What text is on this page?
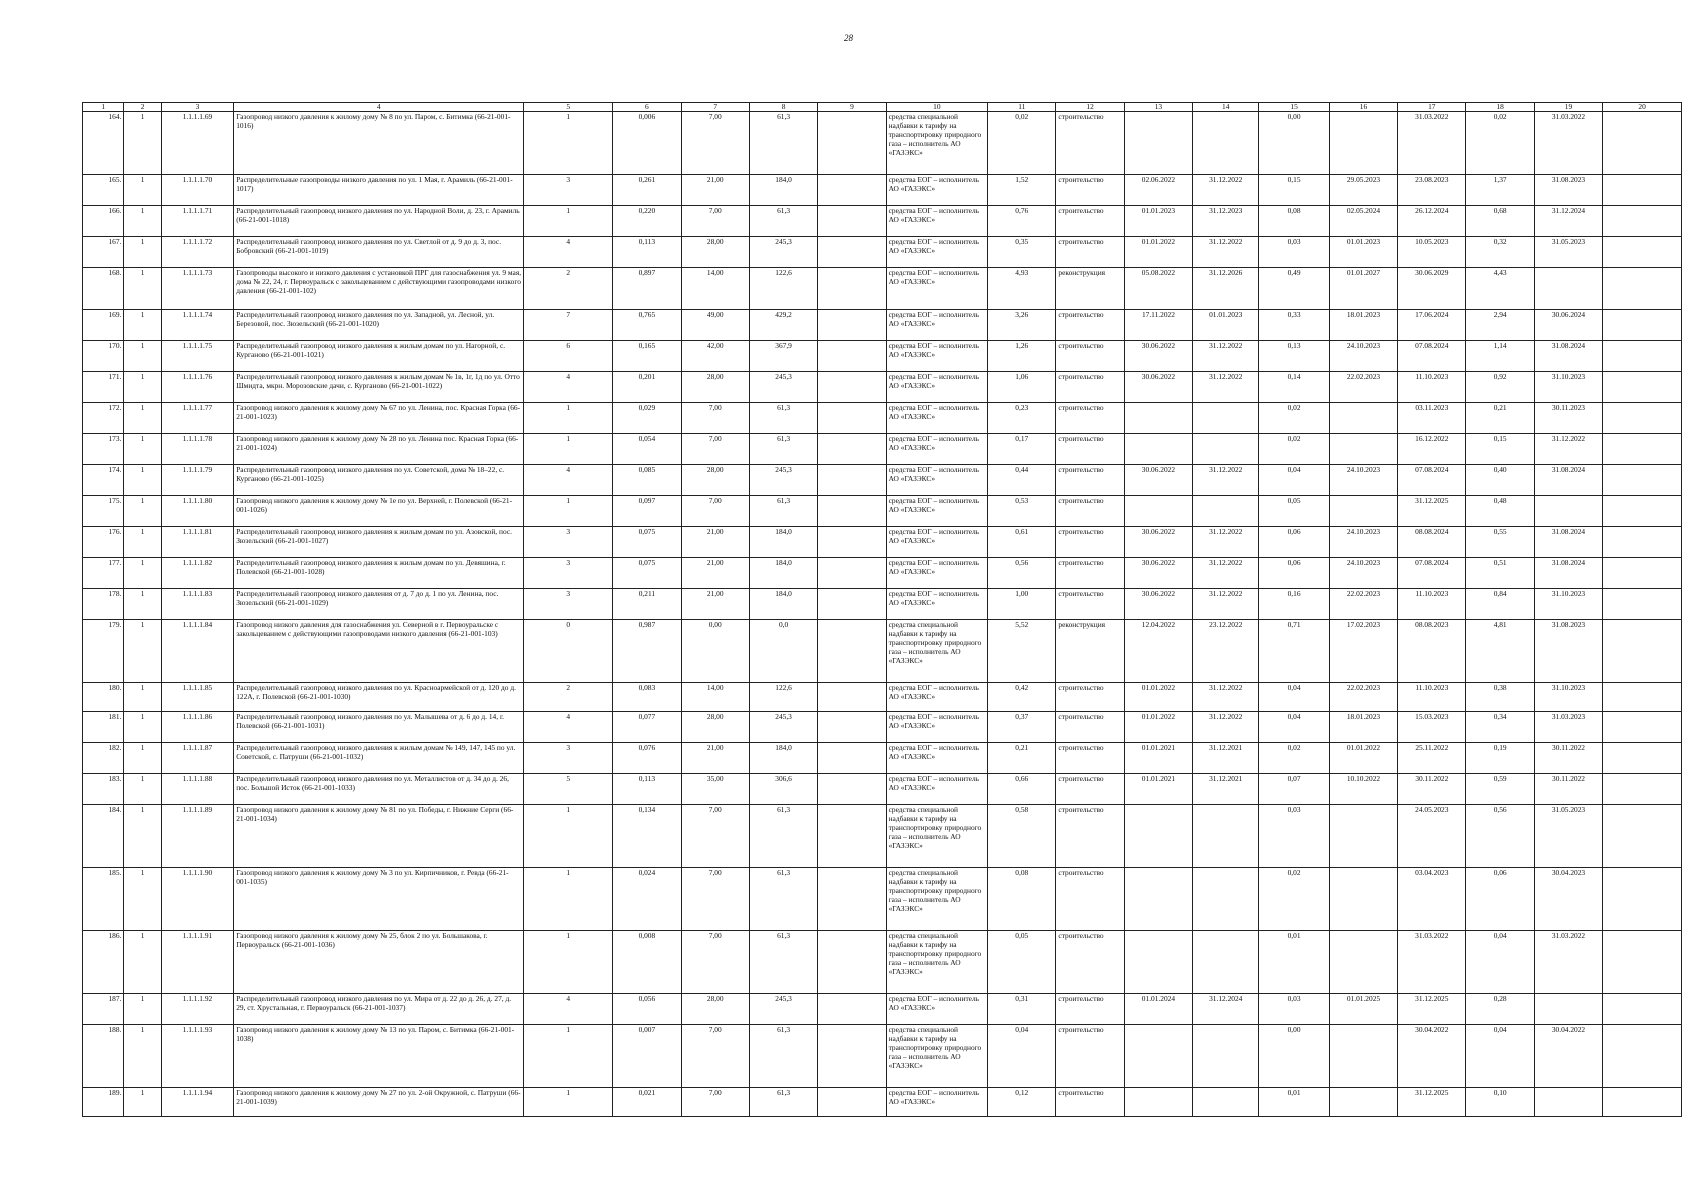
28
1	2	3	4	5	6	7	8	9	10	11	12	13	14	15	16	17	18	19	20
164.	1	1.1.1.1.69	Газопровод низкого давления к жилому дому № 8 по ул. Паром, с. Битимка (66-21-001-1016)	1	0,006	7,00	61,3		средства специальной надбавки к тарифу на транспортировку природного газа – исполнитель АО «ГАЗЭКС»	0,02	строительство			0,00		31.03.2022	0,02	31.03.2022	
165.	1	1.1.1.1.70	Распределительные газопроводы низкого давления по ул. 1 Мая, г. Арамиль (66-21-001-1017)	3	0,261	21,00	184,0		средства ЕОГ – исполнитель АО «ГАЗЭКС»	1,52	строительство	02.06.2022	31.12.2022	0,15	29.05.2023	23.08.2023	1,37	31.08.2023	
166.	1	1.1.1.1.71	Распределительный газопровод низкого давления по ул. Народной Воли, д. 23, г. Арамиль (66-21-001-1018)	1	0,220	7,00	61,3		средства ЕОГ – исполнитель АО «ГАЗЭКС»	0,76	строительство	01.01.2023	31.12.2023	0,08	02.05.2024	26.12.2024	0,68	31.12.2024	
167.	1	1.1.1.1.72	Распределительный газопровод низкого давления по ул. Светлой от д. 9 до д. 3, пос. Бобровский (66-21-001-1019)	4	0,113	28,00	245,3		средства ЕОГ – исполнитель АО «ГАЗЭКС»	0,35	строительство	01.01.2022	31.12.2022	0,03	01.01.2023	10.05.2023	0,32	31.05.2023	
168.	1	1.1.1.1.73	Газопроводы высокого и низкого давления с установкой ПРГ для газоснабжения ул. 9 мая, дома № 22, 24, г. Первоуральск с закольцеванием с действующими газопроводами низкого давления (66-21-001-102)	2	0,897	14,00	122,6		средства ЕОГ – исполнитель АО «ГАЗЭКС»	4,93	реконструкция	05.08.2022	31.12.2026	0,49	01.01.2027	30.06.2029	4,43		
169.	1	1.1.1.1.74	Распределительный газопровод низкого давления по ул. Западной, ул. Лесной, ул. Березовой, пос. Зюзельский (66-21-001-1020)	7	0,765	49,00	429,2		средства ЕОГ – исполнитель АО «ГАЗЭКС»	3,26	строительство	17.11.2022	01.01.2023	0,33	18.01.2023	17.06.2024	2,94	30.06.2024	
170.	1	1.1.1.1.75	Распределительный газопровод низкого давления к жилым домам по ул. Нагорной, с. Курганово (66-21-001-1021)	6	0,165	42,00	367,9		средства ЕОГ – исполнитель АО «ГАЗЭКС»	1,26	строительство	30.06.2022	31.12.2022	0,13	24.10.2023	07.08.2024	1,14	31.08.2024	
171.	1	1.1.1.1.76	Распределительный газопровод низкого давления к жилым домам № 1в, 1г, 1д по ул. Отто Шмидта, мкрн. Морозовские дачи, с. Курганово (66-21-001-1022)	4	0,201	28,00	245,3		средства ЕОГ – исполнитель АО «ГАЗЭКС»	1,06	строительство	30.06.2022	31.12.2022	0,14	22.02.2023	11.10.2023	0,92	31.10.2023	
172.	1	1.1.1.1.77	Газопровод низкого давления к жилому дому № 67 по ул. Ленина, пос. Красная Горка (66-21-001-1023)	1	0,029	7,00	61,3		средства ЕОГ – исполнитель АО «ГАЗЭКС»	0,23	строительство			0,02		03.11.2023	0,21	30.11.2023	
173.	1	1.1.1.1.78	Газопровод низкого давления к жилому дому № 28 по ул. Ленина пос. Красная Горка (66-21-001-1024)	1	0,054	7,00	61,3		средства ЕОГ – исполнитель АО «ГАЗЭКС»	0,17	строительство			0,02		16.12.2022	0,15	31.12.2022	
174.	1	1.1.1.1.79	Распределительный газопровод низкого давления по ул. Советской, дома № 18–22, с. Курганово (66-21-001-1025)	4	0,085	28,00	245,3		средства ЕОГ – исполнитель АО «ГАЗЭКС»	0,44	строительство	30.06.2022	31.12.2022	0,04	24.10.2023	07.08.2024	0,40	31.08.2024	
175.	1	1.1.1.1.80	Газопровод низкого давления к жилому дому № 1е по ул. Верхней, г. Полевской (66-21-001-1026)	1	0,097	7,00	61,3		средства ЕОГ – исполнитель АО «ГАЗЭКС»	0,53	строительство			0,05		31.12.2025	0,48		
176.	1	1.1.1.1.81	Распределительный газопровод низкого давления к жилым домам по ул. Азовской, пос. Зюзельский (66-21-001-1027)	3	0,075	21,00	184,0		средства ЕОГ – исполнитель АО «ГАЗЭКС»	0,61	строительство	30.06.2022	31.12.2022	0,06	24.10.2023	08.08.2024	0,55	31.08.2024	
177.	1	1.1.1.1.82	Распределительный газопровод низкого давления к жилым домам по ул. Девяшина, г. Полевской (66-21-001-1028)	3	0,075	21,00	184,0		средства ЕОГ – исполнитель АО «ГАЗЭКС»	0,56	строительство	30.06.2022	31.12.2022	0,06	24.10.2023	07.08.2024	0,51	31.08.2024	
178.	1	1.1.1.1.83	Распределительный газопровод низкого давления от д. 7 до д. 1 по ул. Ленина, пос. Зюзельский (66-21-001-1029)	3	0,211	21,00	184,0		средства ЕОГ – исполнитель АО «ГАЗЭКС»	1,00	строительство	30.06.2022	31.12.2022	0,16	22.02.2023	11.10.2023	0,84	31.10.2023	
179.	1	1.1.1.1.84	Газопровод низкого давления для газоснабжения ул. Северной в г. Первоуральске с закольцеванием с действующими газопроводами низкого давления (66-21-001-103)	0	0,987	0,00	0,0		средства специальной надбавки к тарифу на транспортировку природного газа – исполнитель АО «ГАЗЭКС»	5,52	реконструкция	12.04.2022	23.12.2022	0,71	17.02.2023	08.08.2023	4,81	31.08.2023	
180.	1	1.1.1.1.85	Распределительный газопровод низкого давления по ул. Красноармейской от д. 120 до д. 122А, г. Полевской (66-21-001-1030)	2	0,083	14,00	122,6		средства ЕОГ – исполнитель АО «ГАЗЭКС»	0,42	строительство	01.01.2022	31.12.2022	0,04	22.02.2023	11.10.2023	0,38	31.10.2023	
181.	1	1.1.1.1.86	Распределительный газопровод низкого давления по ул. Малышева от д. 6 до д. 14, г. Полевской (66-21-001-1031)	4	0,077	28,00	245,3		средства ЕОГ – исполнитель АО «ГАЗЭКС»	0,37	строительство	01.01.2022	31.12.2022	0,04	18.01.2023	15.03.2023	0,34	31.03.2023	
182.	1	1.1.1.1.87	Распределительный газопровод низкого давления к жилым домам № 149, 147, 145 по ул. Советской, с. Патруши (66-21-001-1032)	3	0,076	21,00	184,0		средства ЕОГ – исполнитель АО «ГАЗЭКС»	0,21	строительство	01.01.2021	31.12.2021	0,02	01.01.2022	25.11.2022	0,19	30.11.2022	
183.	1	1.1.1.1.88	Распределительный газопровод низкого давления по ул. Металлистов от д. 34 до д. 26, пос. Большой Исток (66-21-001-1033)	5	0,113	35,00	306,6		средства ЕОГ – исполнитель АО «ГАЗЭКС»	0,66	строительство	01.01.2021	31.12.2021	0,07	10.10.2022	30.11.2022	0,59	30.11.2022	
184.	1	1.1.1.1.89	Газопровод низкого давления к жилому дому № 81 по ул. Победы, г. Нижние Серги (66-21-001-1034)	1	0,134	7,00	61,3		средства специальной надбавки к тарифу на транспортировку природного газа – исполнитель АО «ГАЗЭКС»	0,58	строительство			0,03		24.05.2023	0,56	31.05.2023	
185.	1	1.1.1.1.90	Газопровод низкого давления к жилому дому № 3 по ул. Кирпичников, г. Ревда (66-21-001-1035)	1	0,024	7,00	61,3		средства специальной надбавки к тарифу на транспортировку природного газа – исполнитель АО «ГАЗЭКС»	0,08	строительство			0,02		03.04.2023	0,06	30.04.2023	
186.	1	1.1.1.1.91	Газопровод низкого давления к жилому дому № 25, блок 2 по ул. Большакова, г. Первоуральск (66-21-001-1036)	1	0,008	7,00	61,3		средства специальной надбавки к тарифу на транспортировку природного газа – исполнитель АО «ГАЗЭКС»	0,05	строительство			0,01		31.03.2022	0,04	31.03.2022	
187.	1	1.1.1.1.92	Распределительный газопровод низкого давления по ул. Мира от д. 22 до д. 26, д. 27, д. 29, ст. Хрустальная, г. Первоуральск (66-21-001-1037)	4	0,056	28,00	245,3		средства ЕОГ – исполнитель АО «ГАЗЭКС»	0,31	строительство	01.01.2024	31.12.2024	0,03	01.01.2025	31.12.2025	0,28		
188.	1	1.1.1.1.93	Газопровод низкого давления к жилому дому № 13 по ул. Паром, с. Битимка (66-21-001-1038)	1	0,007	7,00	61,3		средства специальной надбавки к тарифу на транспортировку природного газа – исполнитель АО «ГАЗЭКС»	0,04	строительство			0,00		30.04.2022	0,04	30.04.2022	
189.	1	1.1.1.1.94	Газопровод низкого давления к жилому дому № 27 по ул. 2-ой Окружной, с. Патруши (66-21-001-1039)	1	0,021	7,00	61,3		средства ЕОГ – исполнитель АО «ГАЗЭКС»	0,12	строительство			0,01		31.12.2025	0,10		
